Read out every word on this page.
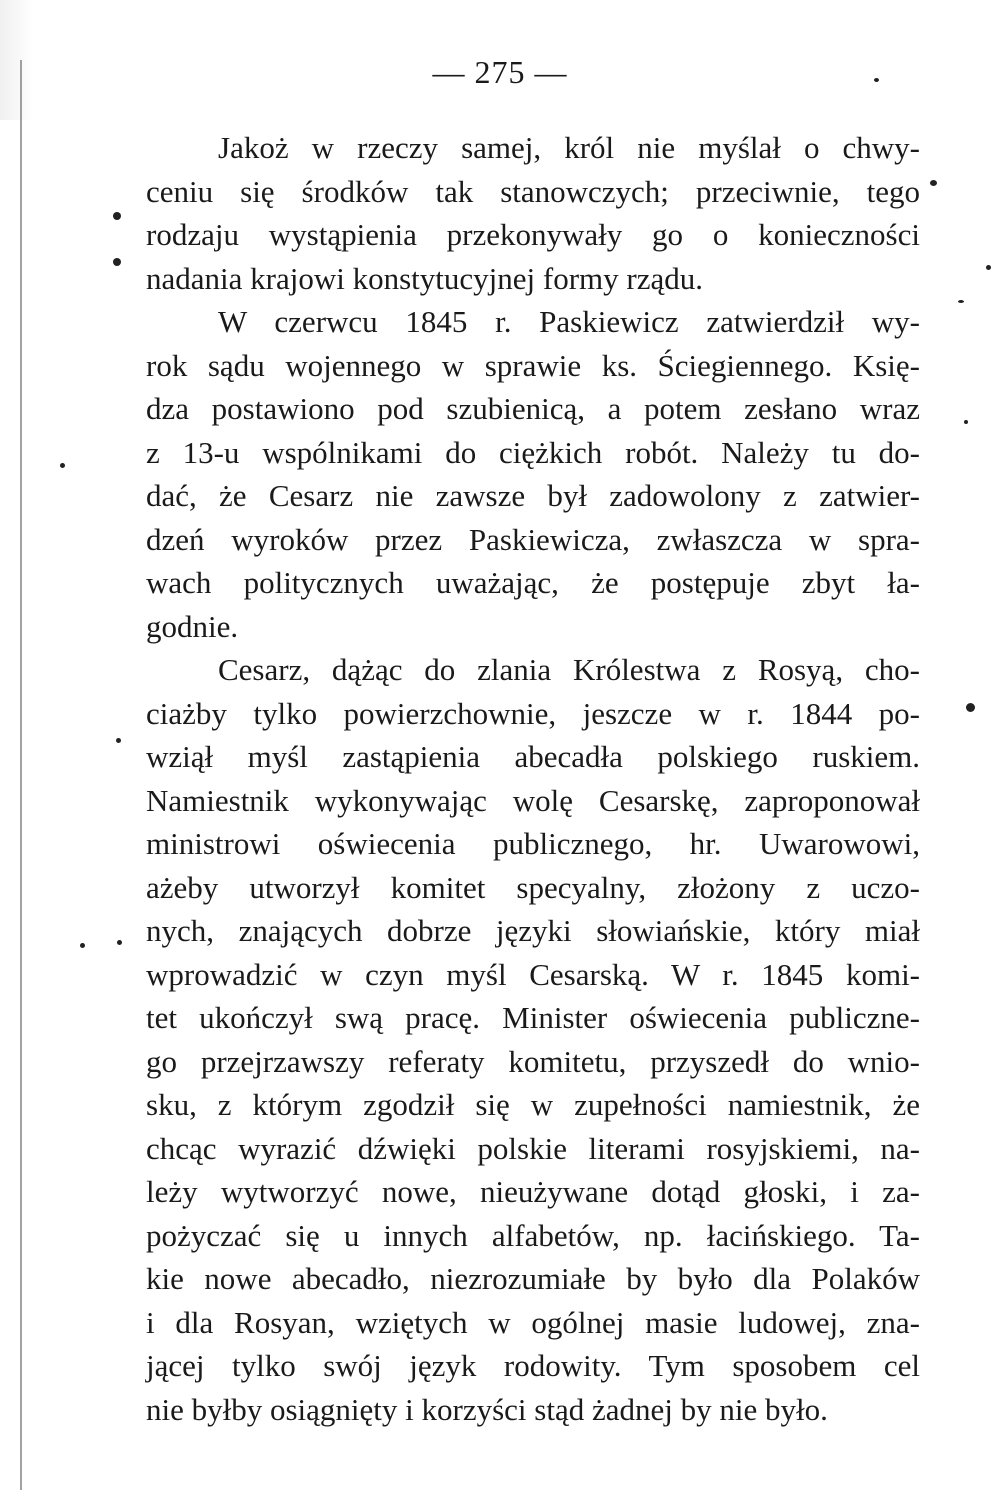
— 275 —
Jakoż w rzeczy samej, król nie myślał o chwy-
ceniu się środków tak stanowczych; przeciwnie, tego
rodzaju wystąpienia przekonywały go o konieczności
nadania krajowi konstytucyjnej formy rządu.
W czerwcu 1845 r. Paskiewicz zatwierdził wy-
rok sądu wojennego w sprawie ks. Ściegiennego. Księ-
dza postawiono pod szubienicą, a potem zesłano wraz
z 13-u wspólnikami do ciężkich robót. Należy tu do-
dać, że Cesarz nie zawsze był zadowolony z zatwier-
dzeń wyroków przez Paskiewicza, zwłaszcza w spra-
wach politycznych uważając, że postępuje zbyt ła-
godnie.
Cesarz, dążąc do zlania Królestwa z Rosyą, cho-
ciażby tylko powierzchownie, jeszcze w r. 1844 po-
wziął myśl zastąpienia abecadła polskiego ruskiem.
Namiestnik wykonywając wolę Cesarskę, zaproponował
ministrowi oświecenia publicznego, hr. Uwarowowi,
ażeby utworzył komitet specyalny, złożony z uczo-
nych, znających dobrze języki słowiańskie, który miał
wprowadzić w czyn myśl Cesarską. W r. 1845 komi-
tet ukończył swą pracę. Minister oświecenia publiczne-
go przejrzawszy referaty komitetu, przyszedł do wnio-
sku, z którym zgodził się w zupełności namiestnik, że
chcąc wyrazić dźwięki polskie literami rosyjskiemi, na-
leży wytworzyć nowe, nieużywane dotąd głoski, i za-
pożyczać się u innych alfabetów, np. łacińskiego. Ta-
kie nowe abecadło, niezrozumiałe by było dla Polaków
i dla Rosyan, wziętych w ogólnej masie ludowej, zna-
jącej tylko swój język rodowity. Tym sposobem cel
nie byłby osiągnięty i korzyści stąd żadnej by nie było.
